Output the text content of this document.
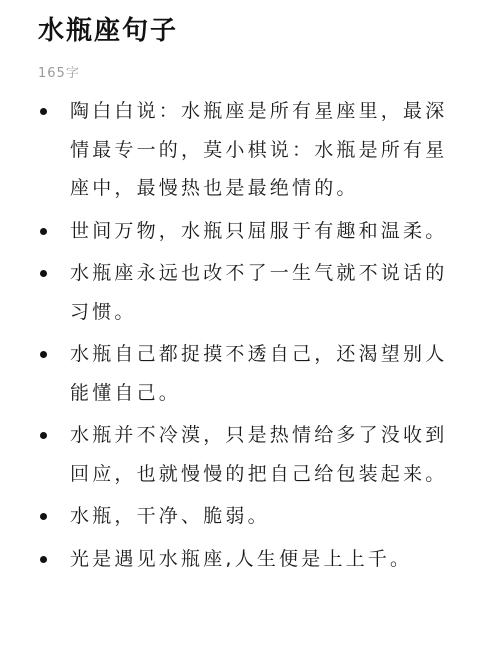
水瓶座句子
165字
陶白白说：水瓶座是所有星座里，最深情最专一的，莫小棋说：水瓶是所有星座中，最慢热也是最绝情的。
世间万物，水瓶只屈服于有趣和温柔。
水瓶座永远也改不了一生气就不说话的习惯。
水瓶自己都捉摸不透自己，还渴望别人能懂自己。
水瓶并不冷漠，只是热情给多了没收到回应，也就慢慢的把自己给包装起来。
水瓶，干净、脆弱。
光是遇见水瓶座,人生便是上上千。
